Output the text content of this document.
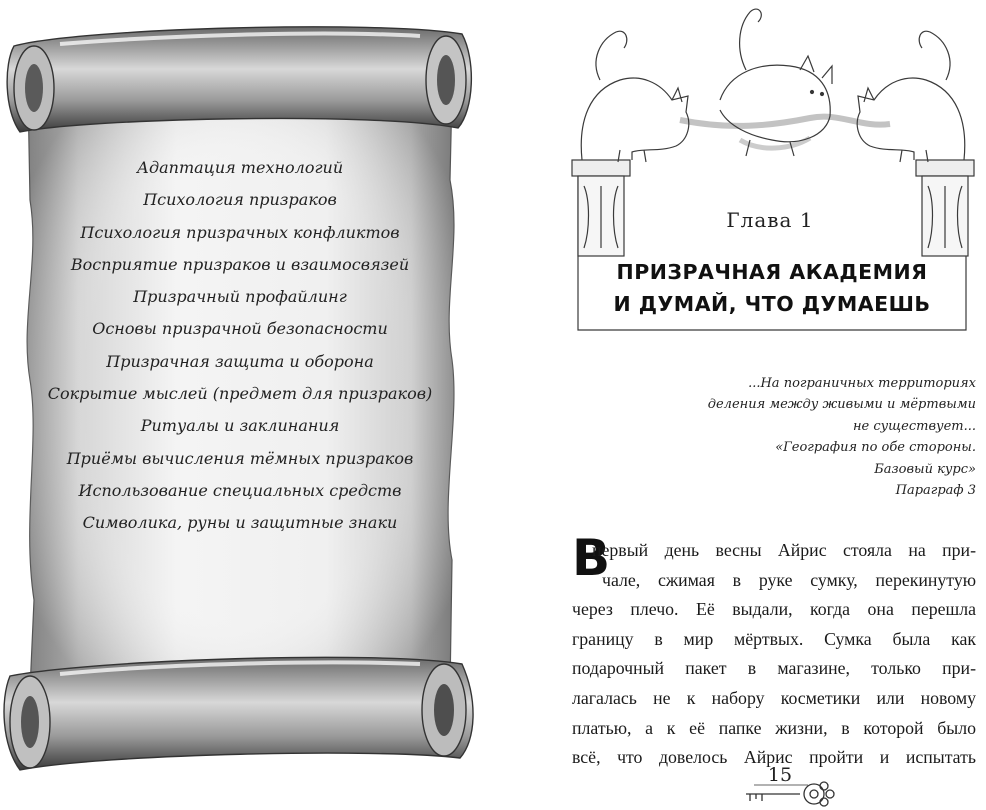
Адаптация технологий
Психология призраков
Психология призрачных конфликтов
Восприятие призраков и взаимосвязей
Призрачный профайлинг
Основы призрачной безопасности
Призрачная защита и оборона
Сокрытие мыслей (предмет для призраков)
Ритуалы и заклинания
Приёмы вычисления тёмных призраков
Использование специальных средств
Символика, руны и защитные знаки
Глава 1
ПРИЗРАЧНАЯ АКАДЕМИЯ
И ДУМАЙ, ЧТО ДУМАЕШЬ
...На пограничных территориях
деления между живыми и мёртвыми
не существует...
«География по обе стороны.
Базовый курс»
Параграф 3
В
первый день весны Айрис стояла на при-
чале, сжимая в руке сумку, перекинутую
через плечо. Её выдали, когда она перешла
границу в мир мёртвых. Сумка была как
подарочный пакет в магазине, только при-
лагалась не к набору косметики или новому
платью, а к её папке жизни, в которой было
всё, что довелось Айрис пройти и испытать
15
